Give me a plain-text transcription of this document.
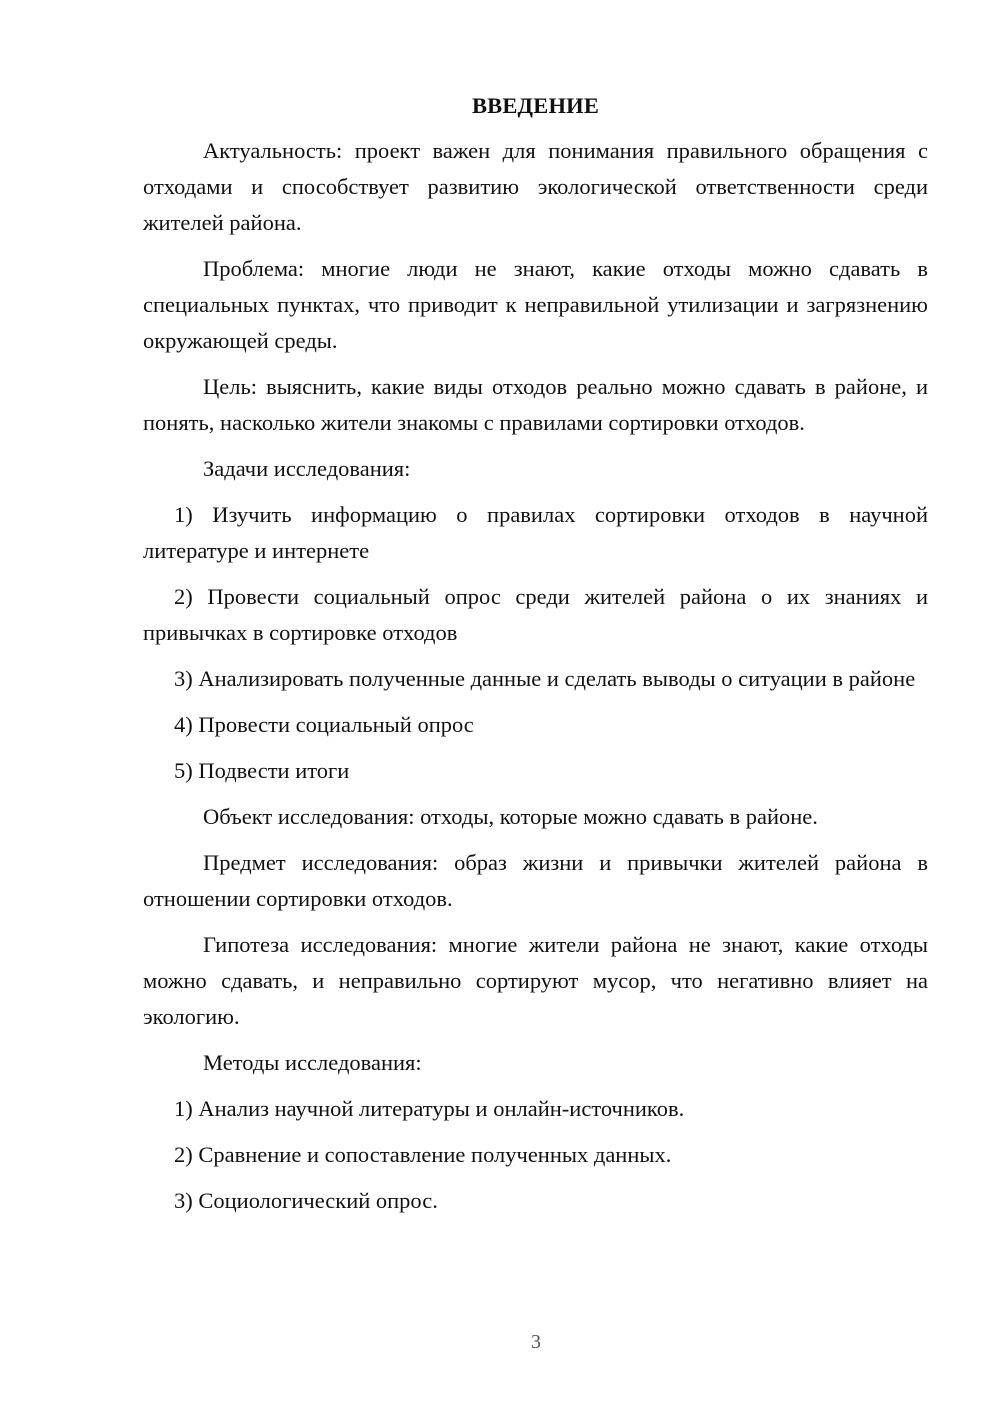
ВВЕДЕНИЕ

Актуальность: проект важен для понимания правильного обращения с отходами и способствует развитию экологической ответственности среди жителей района.

Проблема: многие люди не знают, какие отходы можно сдавать в специальных пунктах, что приводит к неправильной утилизации и загрязнению окружающей среды.

Цель: выяснить, какие виды отходов реально можно сдавать в районе, и понять, насколько жители знакомы с правилами сортировки отходов.

Задачи исследования:

1) Изучить информацию о правилах сортировки отходов в научной литературе и интернете

2) Провести социальный опрос среди жителей района о их знаниях и привычках в сортировке отходов

3) Анализировать полученные данные и сделать выводы о ситуации в районе

4) Провести социальный опрос

5) Подвести итоги

Объект исследования: отходы, которые можно сдавать в районе.

Предмет исследования: образ жизни и привычки жителей района в отношении сортировки отходов.

Гипотеза исследования: многие жители района не знают, какие отходы можно сдавать, и неправильно сортируют мусор, что негативно влияет на экологию.

Методы исследования:

1) Анализ научной литературы и онлайн-источников.

2) Сравнение и сопоставление полученных данных.

3) Социологический опрос.

3
